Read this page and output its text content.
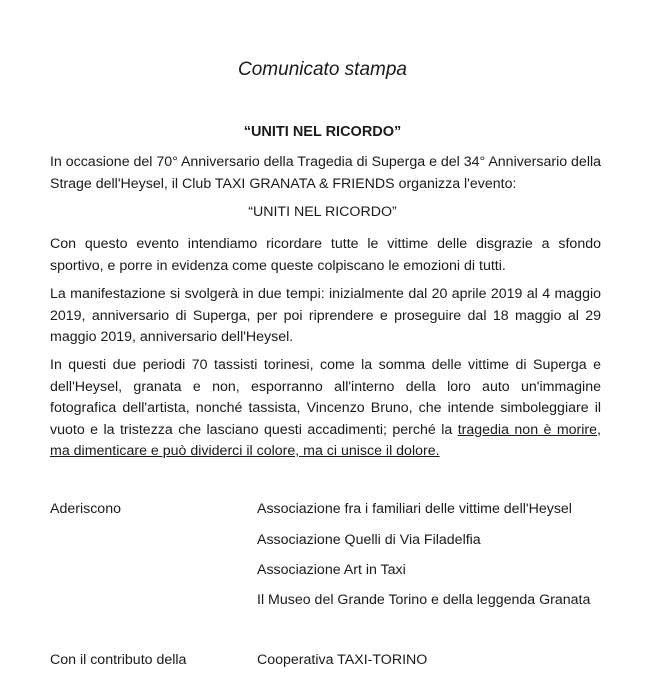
Comunicato stampa
“UNITI NEL RICORDO”
In occasione del 70° Anniversario della Tragedia di Superga e del 34° Anniversario della
Strage dell'Heysel, il Club TAXI GRANATA & FRIENDS organizza l'evento:
“UNITI NEL RICORDO”
Con questo evento intendiamo ricordare tutte le vittime delle disgrazie a sfondo
sportivo, e porre in evidenza come queste colpiscano le emozioni di tutti.
La manifestazione si svolgerà in due tempi: inizialmente dal 20 aprile 2019 al 4 maggio
2019, anniversario di Superga, per poi riprendere e proseguire dal 18 maggio al 29
maggio 2019, anniversario dell'Heysel.
In questi due periodi 70 tassisti torinesi, come la somma delle vittime di Superga e
dell'Heysel, granata e non, esporranno all'interno della loro auto un'immagine
fotografica dell'artista, nonché tassista, Vincenzo Bruno, che intende simboleggiare il
vuoto e la tristezza che lasciano questi accadimenti; perché la tragedia non è morire,
ma dimenticare e può dividerci il colore, ma ci unisce il dolore.
Aderiscono	Associazione fra i familiari delle vittime dell'Heysel
Associazione Quelli di Via Filadelfia
Associazione Art in Taxi
Il Museo del Grande Torino e della leggenda Granata
Con il contributo della	Cooperativa TAXI-TORINO
